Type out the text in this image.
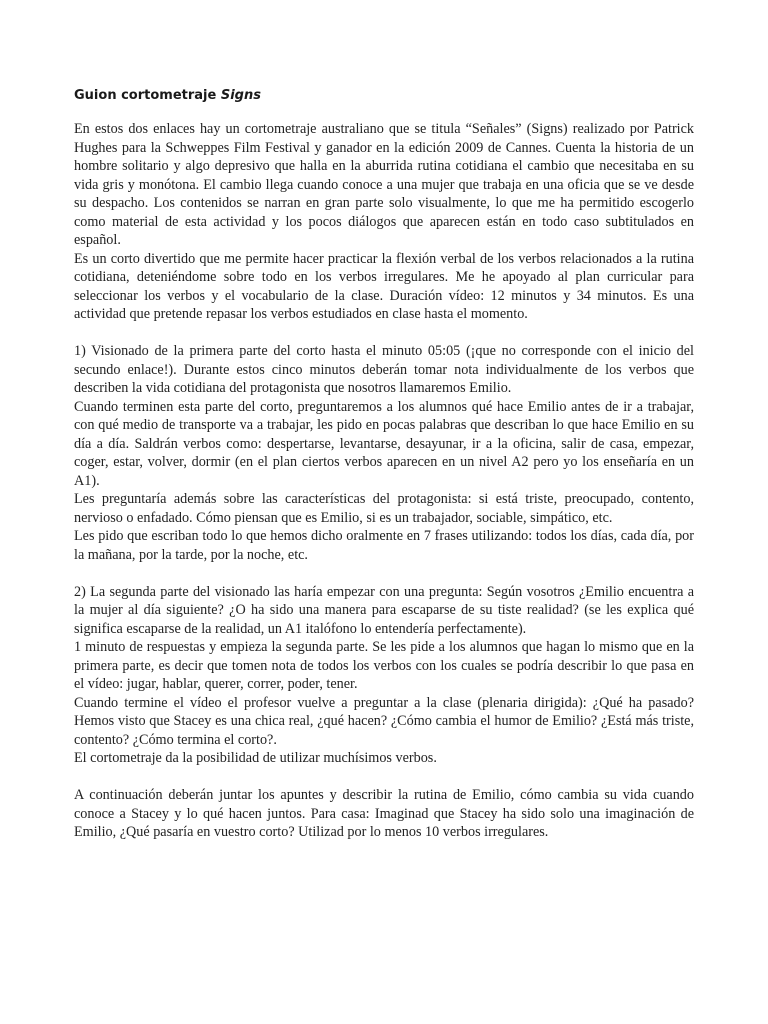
Guion cortometraje Signs

En estos dos enlaces hay un cortometraje australiano que se titula “Señales” (Signs) realizado por Patrick Hughes para la Schweppes Film Festival y ganador en la edición 2009 de Cannes. Cuenta la historia de un hombre solitario y algo depresivo que halla en la aburrida rutina cotidiana el cambio que necesitaba en su vida gris y monótona. El cambio llega cuando conoce a una mujer que trabaja en una oficia que se ve desde su despacho. Los contenidos se narran en gran parte solo visualmente, lo que me ha permitido escogerlo como material de esta actividad y los pocos diálogos que aparecen están en todo caso subtitulados en español.

Es un corto divertido que me permite hacer practicar la flexión verbal de los verbos relacionados a la rutina cotidiana, deteniéndome sobre todo en los verbos irregulares. Me he apoyado al plan curricular para seleccionar los verbos y el vocabulario de la clase. Duración vídeo: 12 minutos y 34 minutos. Es una actividad que pretende repasar los verbos estudiados en clase hasta el momento.

1) Visionado de la primera parte del corto hasta el minuto 05:05 (¡que no corresponde con el inicio del secundo enlace!). Durante estos cinco minutos deberán tomar nota individualmente de los verbos que describen la vida cotidiana del protagonista que nosotros llamaremos Emilio.

Cuando terminen esta parte del corto, preguntaremos a los alumnos qué hace Emilio antes de ir a trabajar, con qué medio de transporte va a trabajar, les pido en pocas palabras que describan lo que hace Emilio en su día a día. Saldrán verbos como: despertarse, levantarse, desayunar, ir a la oficina, salir de casa, empezar, coger, estar, volver, dormir (en el plan ciertos verbos aparecen en un nivel A2 pero yo los enseñaría en un A1).

Les preguntaría además sobre las características del protagonista: si está triste, preocupado, contento, nervioso o enfadado. Cómo piensan que es Emilio, si es un trabajador, sociable, simpático, etc.

Les pido que escriban todo lo que hemos dicho oralmente en 7 frases utilizando: todos los días, cada día, por la mañana, por la tarde, por la noche, etc.

2) La segunda parte del visionado las haría empezar con una pregunta: Según vosotros ¿Emilio encuentra a la mujer al día siguiente? ¿O ha sido una manera para escaparse de su tiste realidad? (se les explica qué significa escaparse de la realidad, un A1 italófono lo entendería perfectamente).

1 minuto de respuestas y empieza la segunda parte. Se les pide a los alumnos que hagan lo mismo que en la primera parte, es decir que tomen nota de todos los verbos con los cuales se podría describir lo que pasa en el vídeo: jugar, hablar, querer, correr, poder, tener.

Cuando termine el vídeo el profesor vuelve a preguntar a la clase (plenaria dirigida): ¿Qué ha pasado? Hemos visto que Stacey es una chica real, ¿qué hacen? ¿Cómo cambia el humor de Emilio? ¿Está más triste, contento? ¿Cómo termina el corto?.

El cortometraje da la posibilidad de utilizar muchísimos verbos.

A continuación deberán juntar los apuntes y describir la rutina de Emilio, cómo cambia su vida cuando conoce a Stacey y lo qué hacen juntos. Para casa: Imaginad que Stacey ha sido solo una imaginación de Emilio, ¿Qué pasaría en vuestro corto? Utilizad por lo menos 10 verbos irregulares.
